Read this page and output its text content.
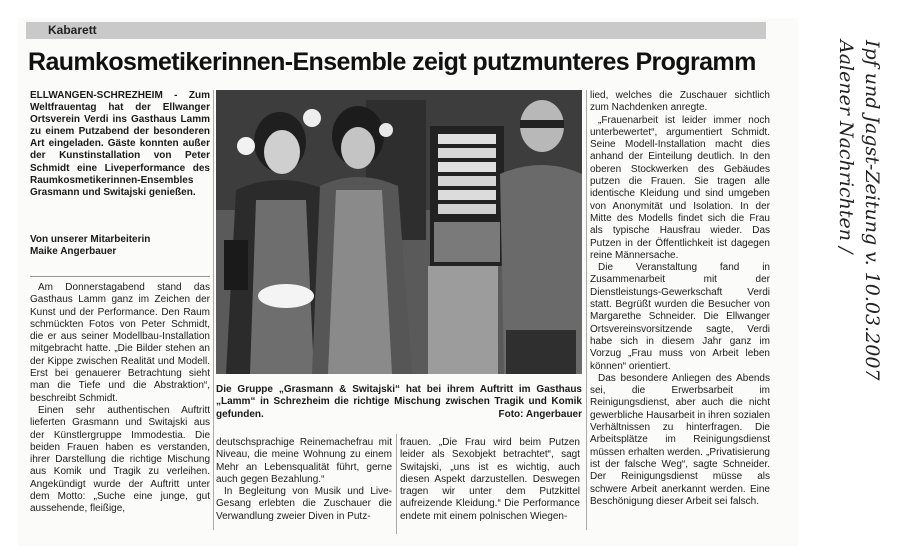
Kabarett
Raumkosmetikerinnen-Ensemble zeigt putzmunteres Programm
ELLWANGEN-SCHREZHEIM - Zum Weltfrauentag hat der Ellwanger Ortsverein Verdi ins Gasthaus Lamm zu einem Putzabend der besonderen Art eingeladen. Gäste konnten außer der Kunstinstallation von Peter Schmidt eine Liveperformance des Raumkosmetikerinnen-Ensembles Grasmann und Switajski genießen.
Von unserer Mitarbeiterin
Maike Angerbauer

Am Donnerstagabend stand das Gasthaus Lamm ganz im Zeichen der Kunst und der Performance. Den Raum schmückten Fotos von Peter Schmidt, die er aus seiner Modellbau-Installation mitgebracht hatte. „Die Bilder stehen an der Kippe zwischen Realität und Modell. Erst bei genauerer Betrachtung sieht man die Tiefe und die Abstraktion“, beschreibt Schmidt.

Einen sehr authentischen Auftritt lieferten Grasmann und Switajski aus der Künstlergruppe Immodestia. Die beiden Frauen haben es verstanden, ihrer Darstellung die richtige Mischung aus Komik und Tragik zu verleihen. Angekündigt wurde der Auftritt unter dem Motto: „Suche eine junge, gut aussehende, fleißige,

Die Gruppe „Grasmann & Switajski“ hat bei ihrem Auftritt im Gasthaus „Lamm“ in Schrezheim die richtige Mischung zwischen Tragik und Komik gefunden.	Foto: Angerbauer

deutschsprachige Reinemachefrau mit Niveau, die meine Wohnung zu einem Mehr an Lebensqualität führt, gerne auch gegen Bezahlung.“

In Begleitung von Musik und Live-Gesang erlebten die Zuschauer die Verwandlung zweier Diven in Putz-

frauen. „Die Frau wird beim Putzen leider als Sexobjekt betrachtet“, sagt Switajski, „uns ist es wichtig, auch diesen Aspekt darzustellen. Deswegen tragen wir unter dem Putzkittel aufreizende Kleidung.“ Die Performance endete mit einem polnischen Wiegen-

lied, welches die Zuschauer sichtlich zum Nachdenken anregte.

„Frauenarbeit ist leider immer noch unterbewertet“, argumentiert Schmidt. Seine Modell-Installation macht dies anhand der Einteilung deutlich. In den oberen Stockwerken des Gebäudes putzen die Frauen. Sie tragen alle identische Kleidung und sind umgeben von Anonymität und Isolation. In der Mitte des Modells findet sich die Frau als typische Hausfrau wieder. Das Putzen in der Öffentlichkeit ist dagegen reine Männersache.

Die Veranstaltung fand in Zusammenarbeit mit der Dienstleistungs-Gewerkschaft Verdi statt. Begrüßt wurden die Besucher von Margarethe Schneider. Die Ellwanger Ortsvereinsvorsitzende sagte, Verdi habe sich in diesem Jahr ganz im Vorzug „Frau muss von Arbeit leben können“ orientiert.

Das besondere Anliegen des Abends sei, die Erwerbsarbeit im Reinigungsdienst, aber auch die nicht gewerbliche Hausarbeit in ihren sozialen Verhältnissen zu hinterfragen. Die Arbeitsplätze im Reinigungsdienst müssen erhalten werden. „Privatisierung ist der falsche Weg“, sagte Schneider. Der Reinigungsdienst müsse als schwere Arbeit anerkannt werden. Eine Beschönigung dieser Arbeit sei falsch.

Aalener Nachrichten / Ipf und Jagst-Zeitung v. 10.03.2007
